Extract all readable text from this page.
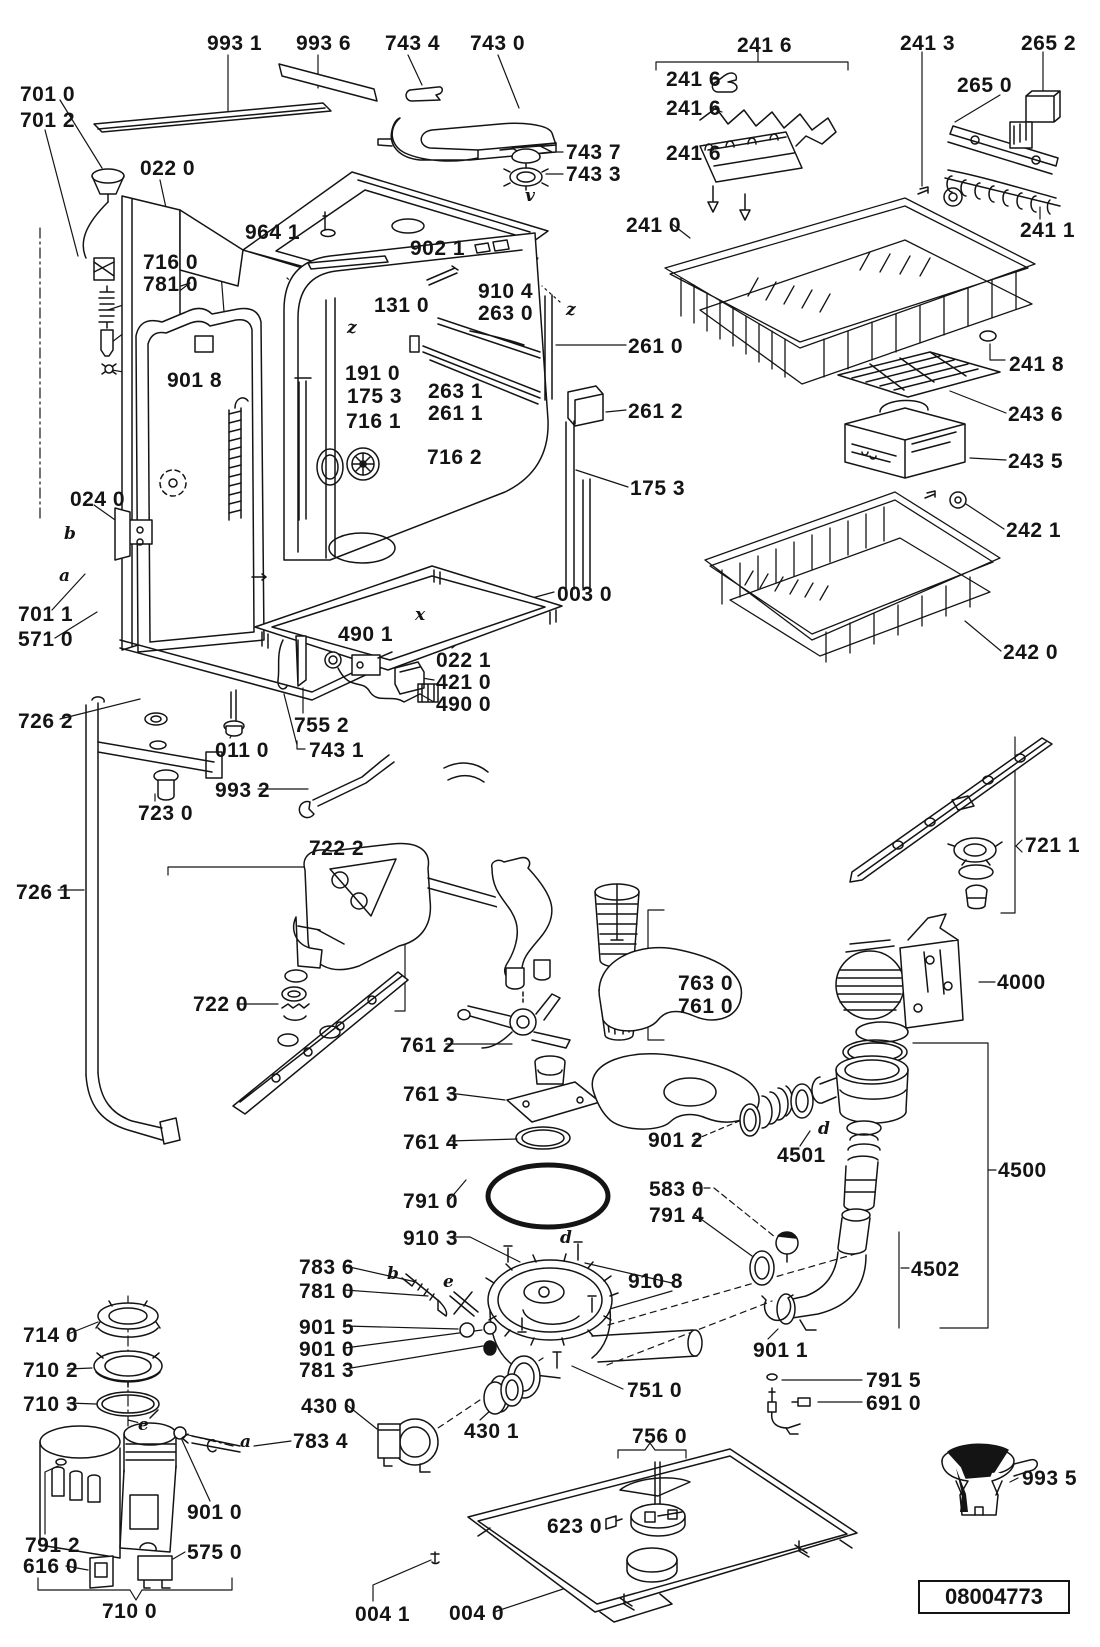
993 1 993 6 743 4 743 0
701 0
701 2
022 0
743 7
743 3
964 1
902 1
716 0
781 0	910 4
131 0 263 0
901 8	191 0
175 3 263 1
261 1
716 1
716 2
261 0
261 2
175 3
003 0
024 0
701 1
571 0	490 1
022 1
421 0
490 0
726 2	755 2
011 0 743 1
993 2
723 0
722 2
726 1
722 0
761 2
761 3
761 4
763 0
761 0
4000
721 1
901 2
4501
4500
791 0
583 0
791 4
910 3
4502
783 6
781 0
901 5
901 0
781 3
910 8
714 0
710 2
710 3	430 0
783 4
901 0
791 2
616 0
575 0
710 0
751 0
430 1	756 0
623 0
004 1 004 0
901 1
791 5
691 0
993 5
241 6	241 3	265 2
241 6	265 0
241 6
241 6
241 0	241 1
241 8
243 6
243 5
242 1
242 0
z
z
x
b
a
b	e
d
d
e
a
v
08004773
